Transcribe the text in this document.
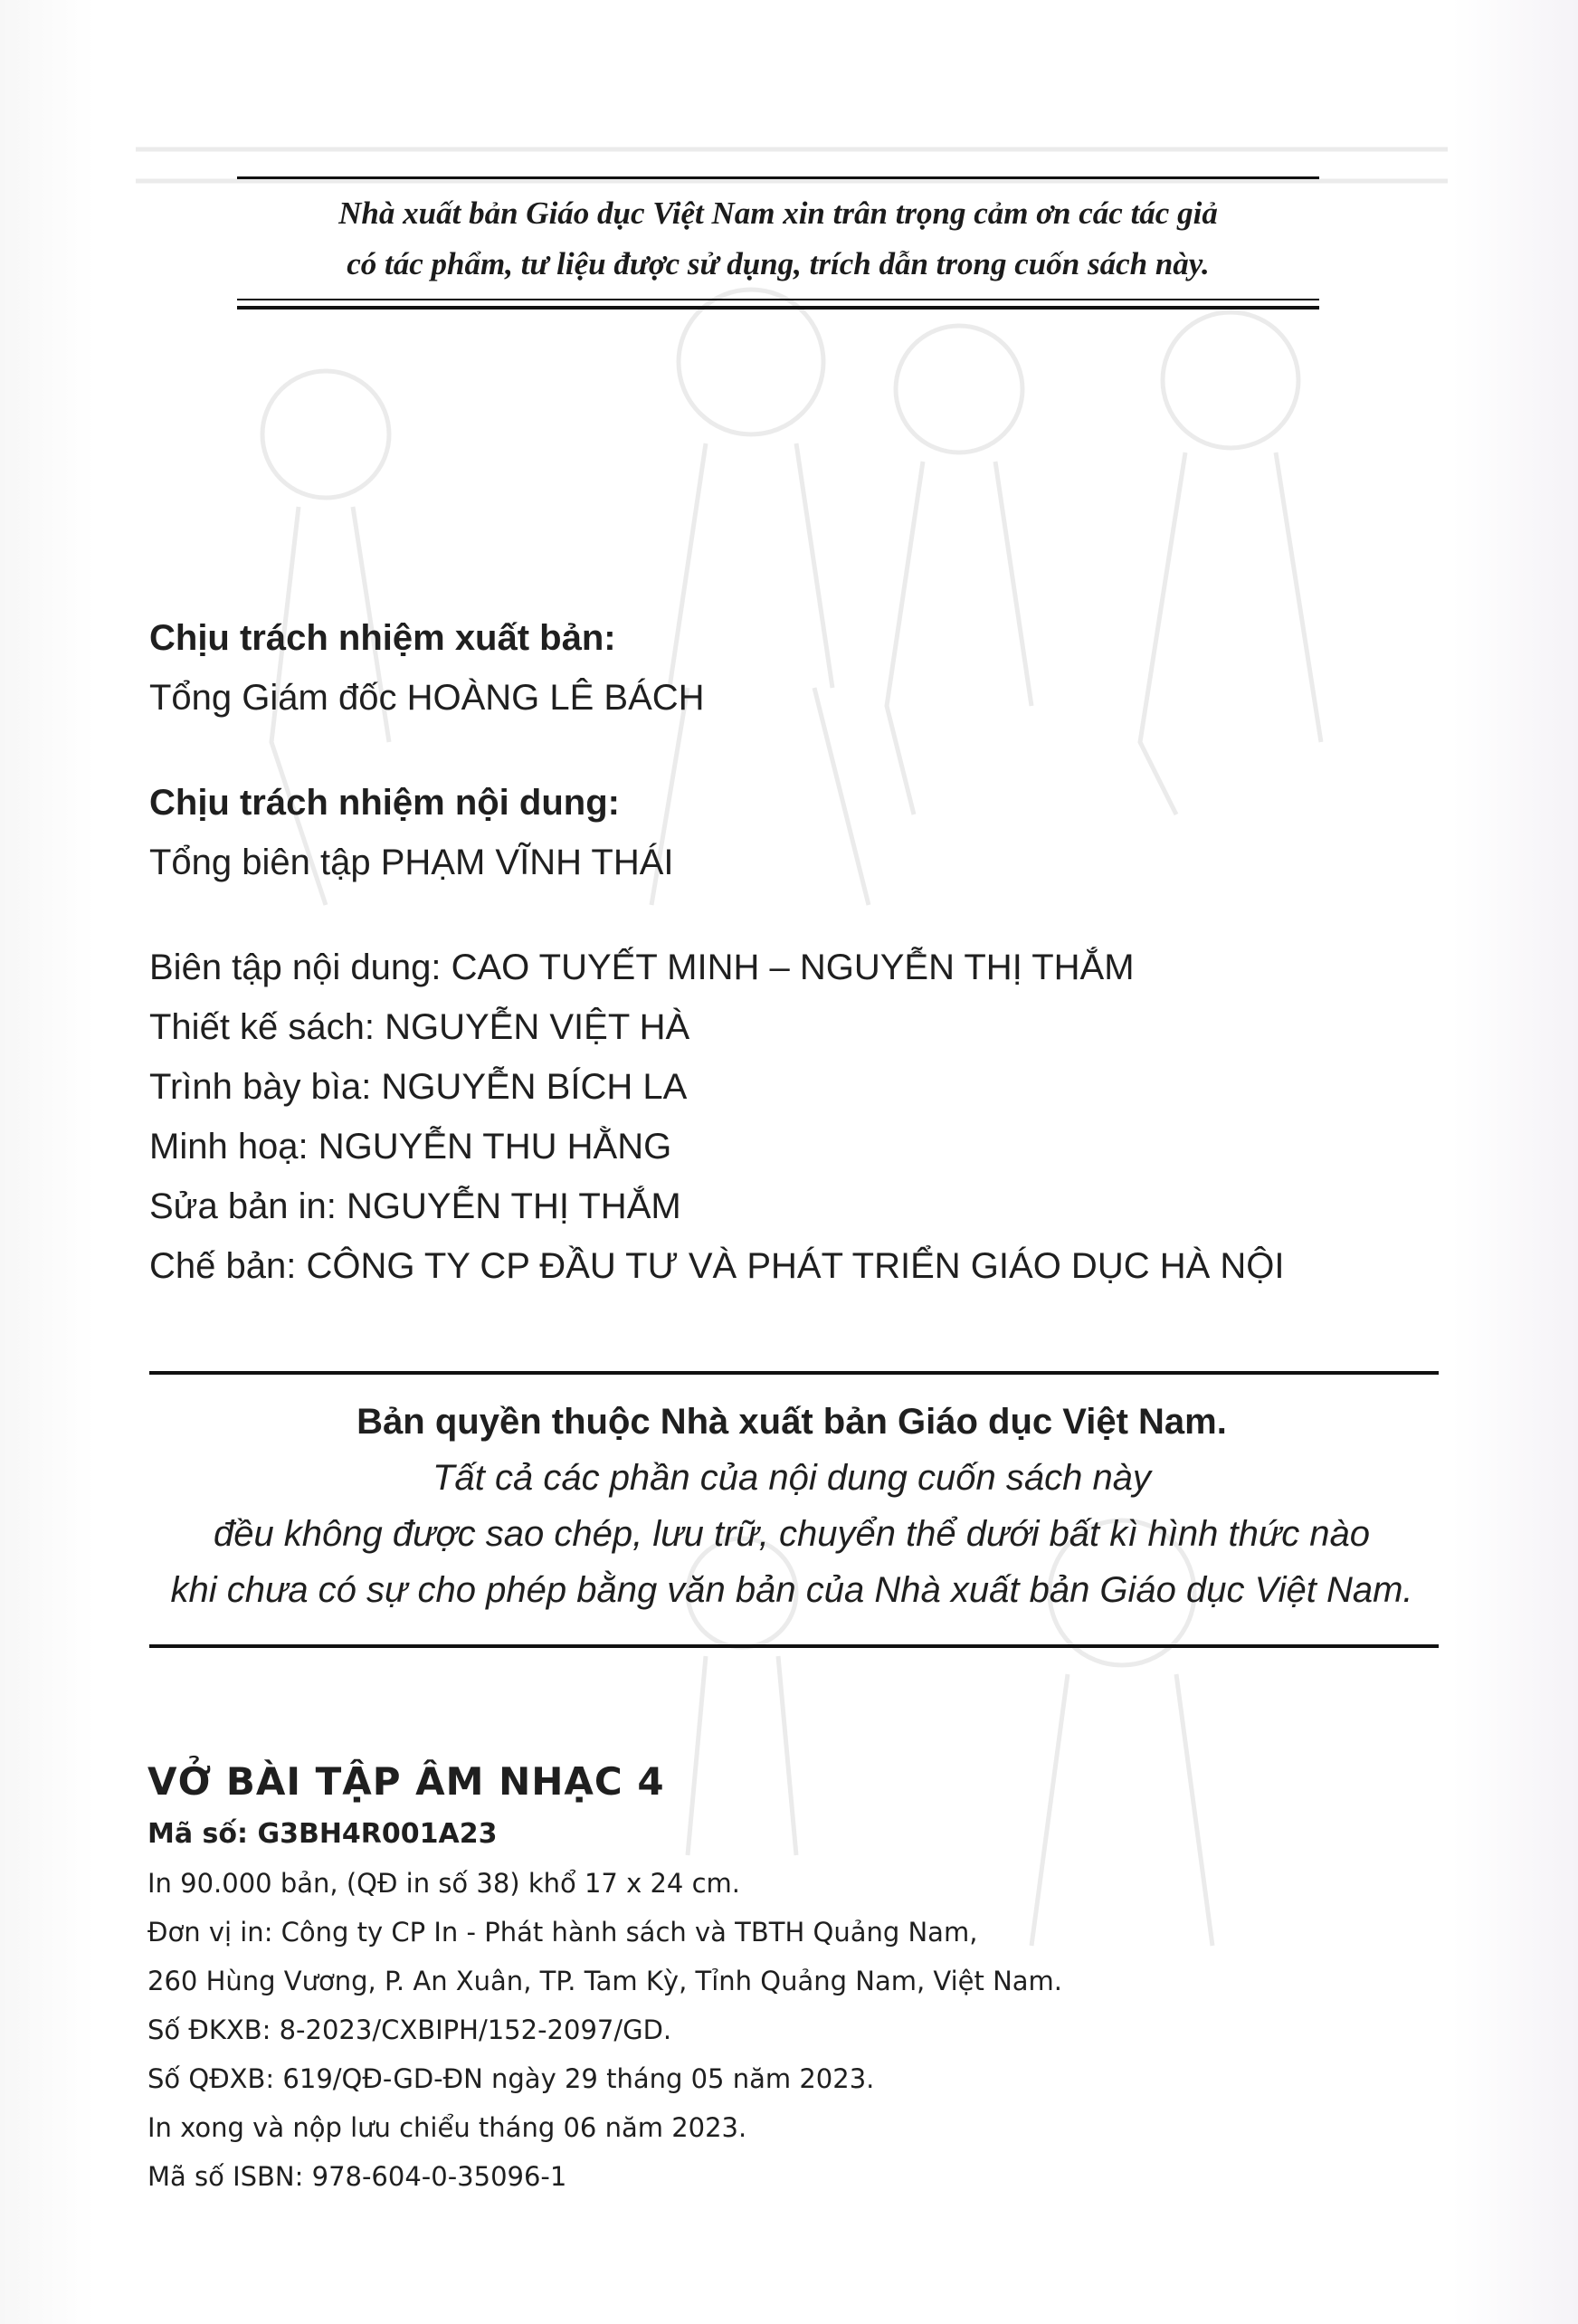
Nhà xuất bản Giáo dục Việt Nam xin trân trọng cảm ơn các tác giả
có tác phẩm, tư liệu được sử dụng, trích dẫn trong cuốn sách này.
Chịu trách nhiệm xuất bản:
Tổng Giám đốc HOÀNG LÊ BÁCH
Chịu trách nhiệm nội dung:
Tổng biên tập PHẠM VĨNH THÁI
Biên tập nội dung: CAO TUYẾT MINH – NGUYỄN THỊ THẮM
Thiết kế sách: NGUYỄN VIỆT HÀ
Trình bày bìa: NGUYỄN BÍCH LA
Minh hoạ: NGUYỄN THU HẰNG
Sửa bản in: NGUYỄN THỊ THẮM
Chế bản: CÔNG TY CP ĐẦU TƯ VÀ PHÁT TRIỂN GIÁO DỤC HÀ NỘI
Bản quyền thuộc Nhà xuất bản Giáo dục Việt Nam.
Tất cả các phần của nội dung cuốn sách này
đều không được sao chép, lưu trữ, chuyển thể dưới bất kì hình thức nào
khi chưa có sự cho phép bằng văn bản của Nhà xuất bản Giáo dục Việt Nam.
VỞ BÀI TẬP ÂM NHẠC 4
Mã số: G3BH4R001A23
In 90.000 bản, (QĐ in số 38) khổ 17 x 24 cm.
Đơn vị in: Công ty CP In - Phát hành sách và TBTH Quảng Nam,
260 Hùng Vương, P. An Xuân, TP. Tam Kỳ, Tỉnh Quảng Nam, Việt Nam.
Số ĐKXB: 8-2023/CXBIPH/152-2097/GD.
Số QĐXB: 619/QĐ-GD-ĐN ngày 29 tháng 05 năm 2023.
In xong và nộp lưu chiểu tháng 06 năm 2023.
Mã số ISBN: 978-604-0-35096-1
